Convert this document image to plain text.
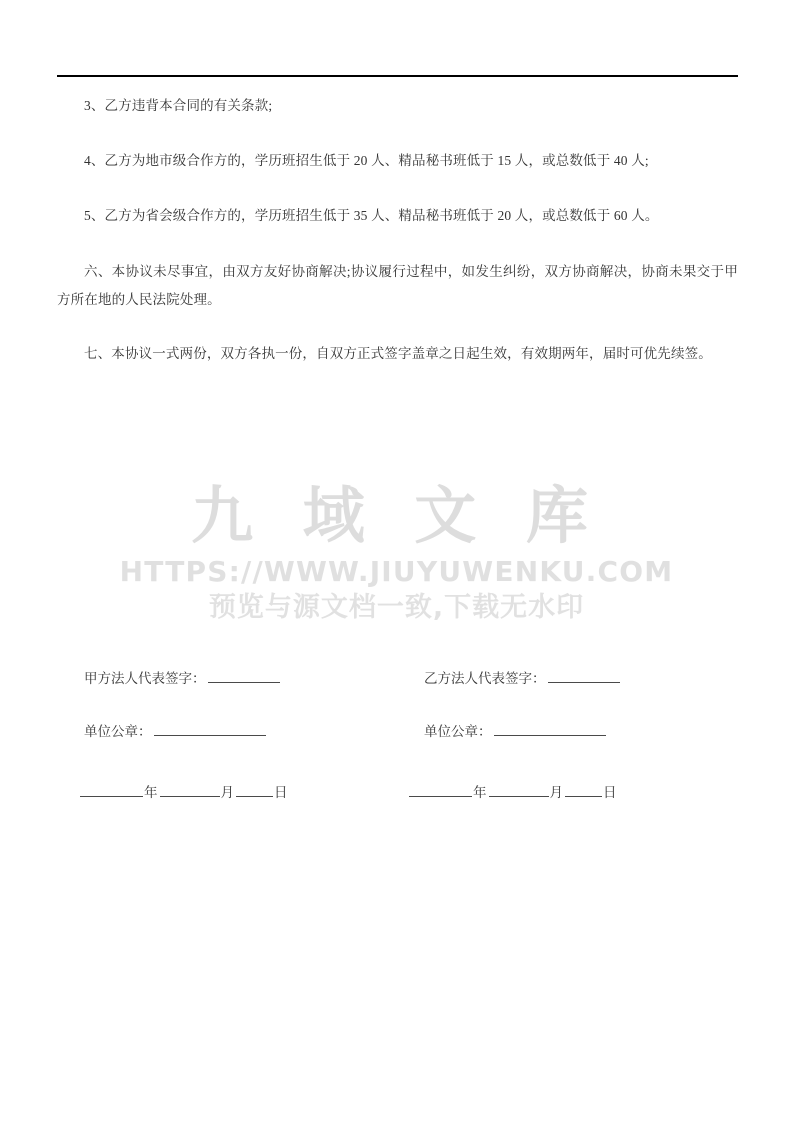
3、乙方违背本合同的有关条款;

4、乙方为地市级合作方的，学历班招生低于 20 人、精品秘书班低于 15 人，或总数低于 40 人;

5、乙方为省会级合作方的，学历班招生低于 35 人、精品秘书班低于 20 人，或总数低于 60 人。

六、本协议未尽事宜，由双方友好协商解决;协议履行过程中，如发生纠纷，双方协商解决，协商未果交于甲方所在地的人民法院处理。

七、本协议一式两份，双方各执一份，自双方正式签字盖章之日起生效，有效期两年，届时可优先续签。

甲方法人代表签字：	乙方法人代表签字：
单位公章：	单位公章：
年	月	日	年	月	日
九 域 文 库
HTTPS://WWW.JIUYUWENKU.COM
预览与源文档一致,下载无水印
